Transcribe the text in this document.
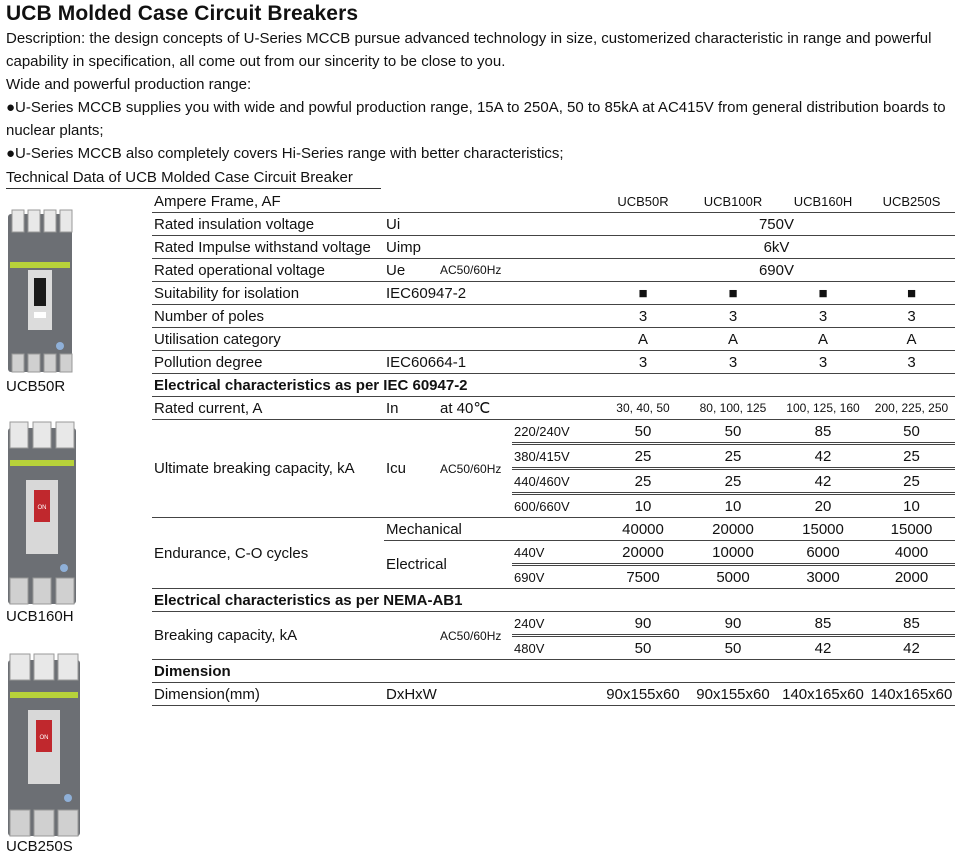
UCB Molded Case Circuit Breakers
Description: the design concepts of U-Series MCCB pursue advanced technology in size, customerized characteristic in range and powerful capability in specification, all come out from our sincerity to be close to you.
Wide and powerful production range:
●U-Series MCCB supplies you with wide and powful production range, 15A to 250A, 50 to 85kA at AC415V from general distribution boards to nuclear plants;
●U-Series MCCB also completely covers Hi-Series range with better characteristics;
Technical Data of UCB Molded Case Circuit Breaker
UCB50R
ON
UCB160H
ON
UCB250S
Ampere Frame, AF				UCB50R	UCB100R	UCB160H	UCB250S
Rated insulation voltage	Ui			750V			
Rated Impulse withstand voltage	Uimp			6kV			
Rated operational voltage	Ue	AC50/60Hz		690V			
Suitability for isolation	IEC60947-2			■	■	■	■
Number of poles				3	3	3	3
Utilisation category				A	A	A	A
Pollution degree	IEC60664-1			3	3	3	3
Electrical characteristics as per IEC 60947-2							
Rated current, A	In	at 40℃		30, 40, 50	80, 100, 125	100, 125, 160	200, 225, 250
Ultimate breaking capacity, kA	Icu	AC50/60Hz	220/240V	50	50	85	50
			380/415V	25	25	42	25
			440/460V	25	25	42	25
			600/660V	10	10	20	10
Endurance, C-O cycles	Mechanical			40000	20000	15000	15000
	Electrical		440V	20000	10000	6000	4000
			690V	7500	5000	3000	2000
Electrical characteristics as per NEMA-AB1							
Breaking capacity, kA		AC50/60Hz	240V	90	90	85	85
			480V	50	50	42	42
Dimension							
Dimension(mm)	DxHxW			90x155x60	90x155x60	140x165x60	140x165x60
